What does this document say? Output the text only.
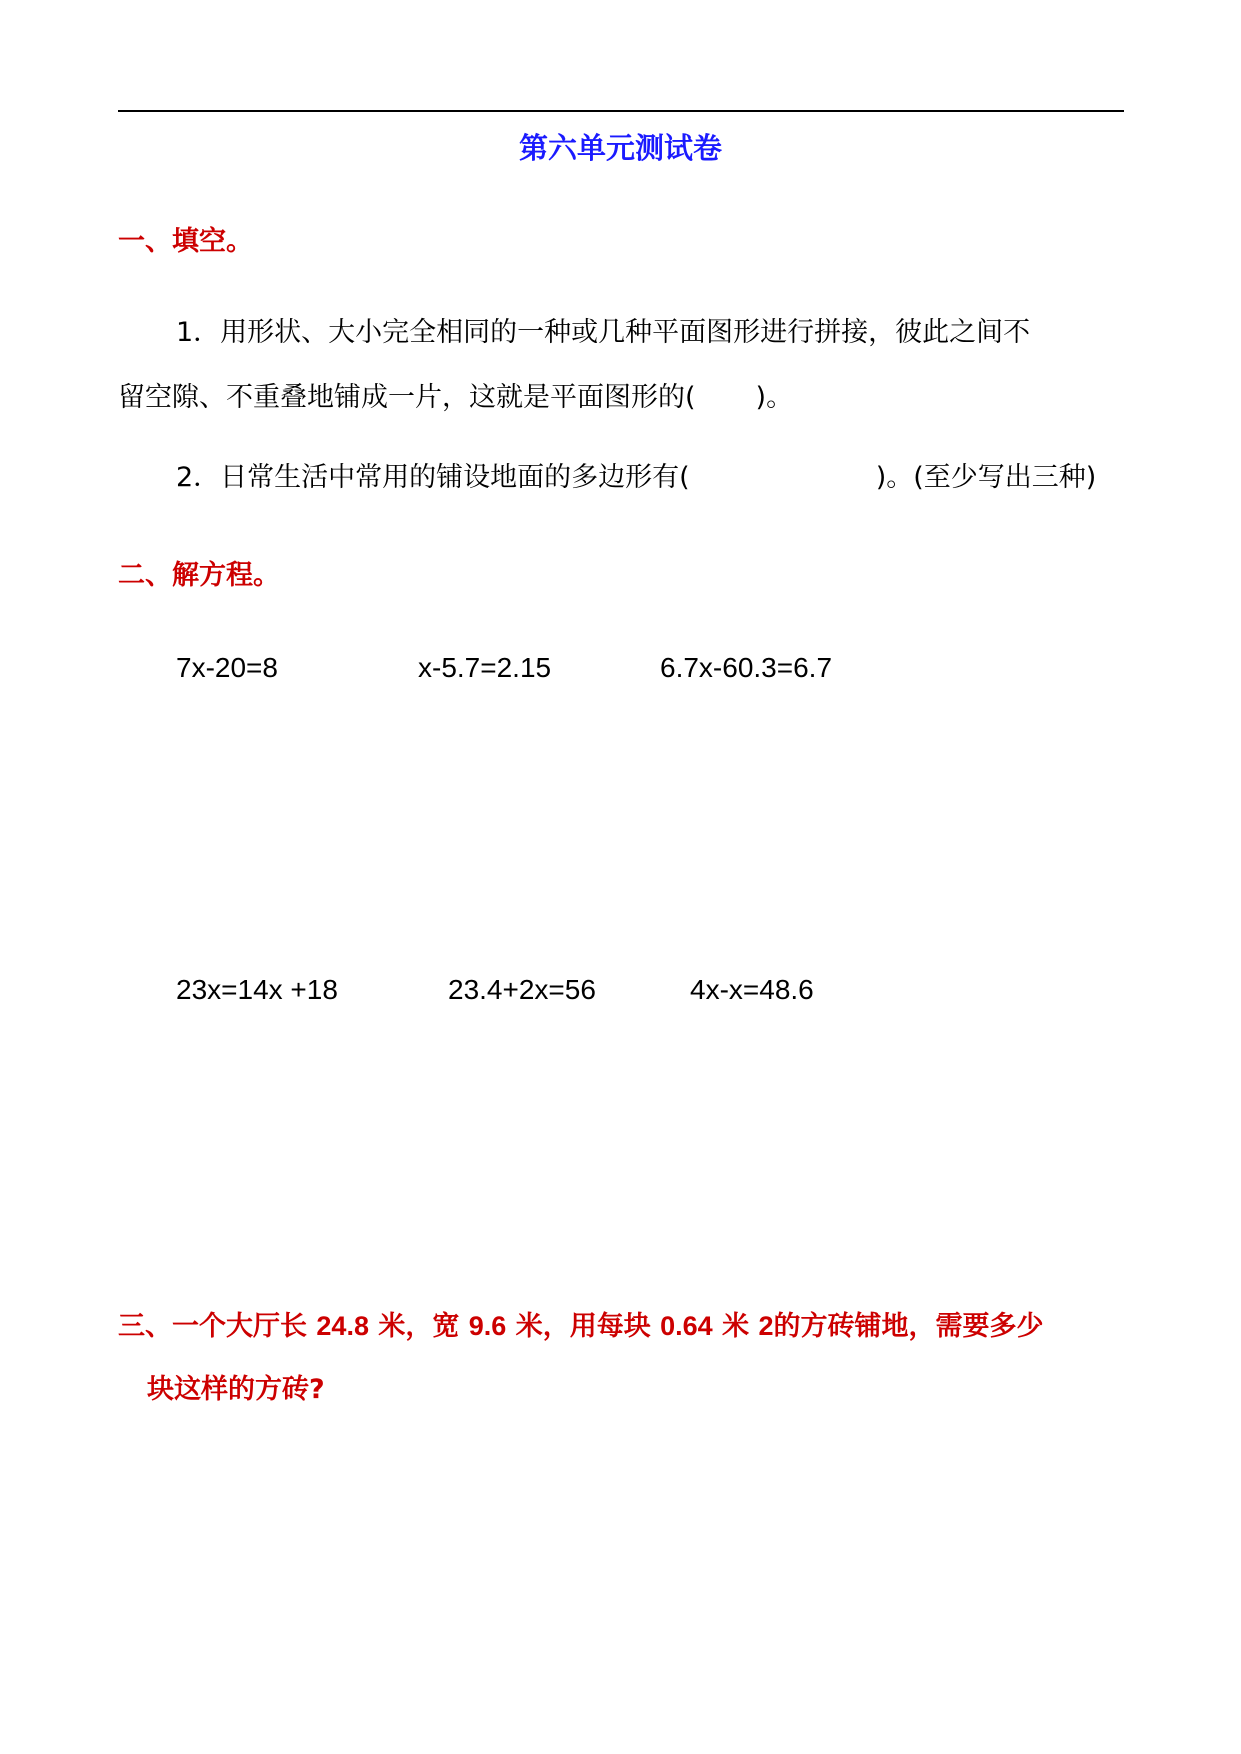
第六单元测试卷
一、填空。
1．用形状、大小完全相同的一种或几种平面图形进行拼接，彼此之间不
留空隙、不重叠地铺成一片，这就是平面图形的( )。
2．日常生活中常用的铺设地面的多边形有(	)。(至少写出三种)
二、解方程。
7x-20=8	x-5.7=2.15	6.7x-60.3=6.7
23x=14x +18	23.4+2x=56	4x-x=48.6
三、一个大厅长 24.8 米，宽 9.6 米，用每块 0.64 米 2的方砖铺地，需要多少
块这样的方砖?
